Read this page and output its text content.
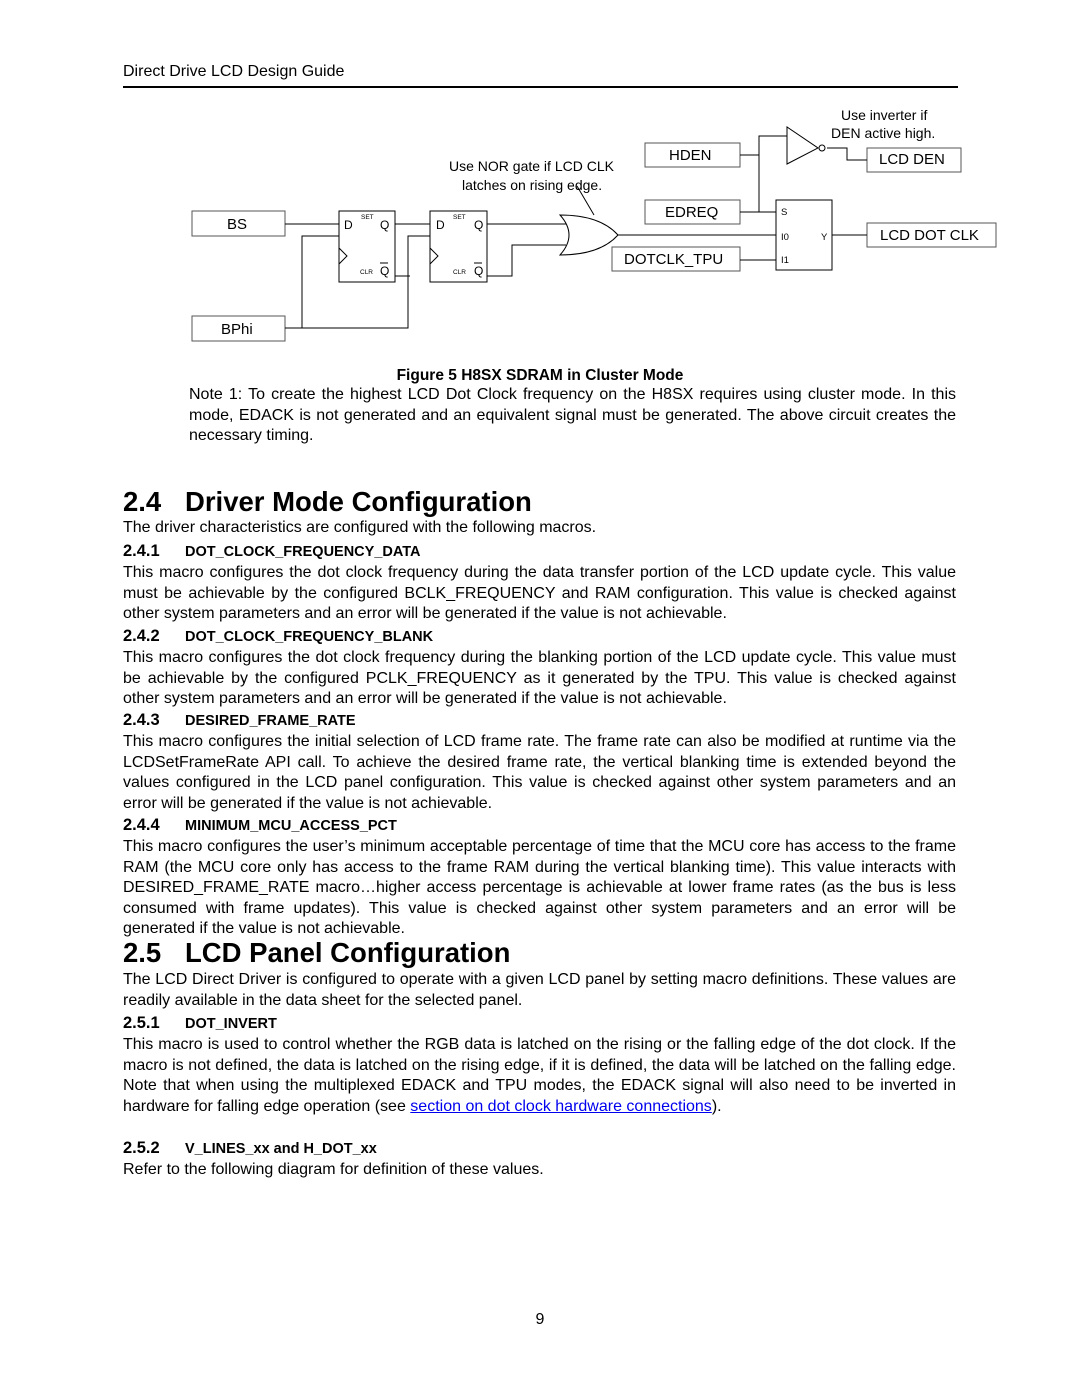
Direct Drive LCD Design Guide
Use NOR gate if LCD CLK
latches on rising edge.
Use inverter if
DEN active high.
BS
BPhi
HDEN
EDREQ
DOTCLK_TPU
LCD DEN
LCD DOT CLK
D Q
Q
D Q
Q
SET
CLR
SET
CLR
S
I0
I1
Y
Figure 5 H8SX SDRAM in Cluster Mode

Note 1: To create the highest LCD Dot Clock frequency on the H8SX requires using cluster mode. In this mode, EDACK is not generated and an equivalent signal must be generated. The above circuit creates the necessary timing.

2.4 Driver Mode Configuration

The driver characteristics are configured with the following macros.

2.4.1 DOT_CLOCK_FREQUENCY_DATA

This macro configures the dot clock frequency during the data transfer portion of the LCD update cycle. This value must be achievable by the configured BCLK_FREQUENCY and RAM configuration. This value is checked against other system parameters and an error will be generated if the value is not achievable.

2.4.2 DOT_CLOCK_FREQUENCY_BLANK

This macro configures the dot clock frequency during the blanking portion of the LCD update cycle. This value must be achievable by the configured PCLK_FREQUENCY as it generated by the TPU. This value is checked against other system parameters and an error will be generated if the value is not achievable.

2.4.3 DESIRED_FRAME_RATE

This macro configures the initial selection of LCD frame rate. The frame rate can also be modified at runtime via the LCDSetFrameRate API call. To achieve the desired frame rate, the vertical blanking time is extended beyond the values configured in the LCD panel configuration. This value is checked against other system parameters and an error will be generated if the value is not achievable.

2.4.4 MINIMUM_MCU_ACCESS_PCT

This macro configures the user’s minimum acceptable percentage of time that the MCU core has access to the frame RAM (the MCU core only has access to the frame RAM during the vertical blanking time). This value interacts with DESIRED_FRAME_RATE macro…higher access percentage is achievable at lower frame rates (as the bus is less consumed with frame updates). This value is checked against other system parameters and an error will be generated if the value is not achievable.

2.5 LCD Panel Configuration

The LCD Direct Driver is configured to operate with a given LCD panel by setting macro definitions. These values are readily available in the data sheet for the selected panel.

2.5.1 DOT_INVERT

This macro is used to control whether the RGB data is latched on the rising or the falling edge of the dot clock. If the macro is not defined, the data is latched on the rising edge, if it is defined, the data will be latched on the falling edge. Note that when using the multiplexed EDACK and TPU modes, the EDACK signal will also need to be inverted in hardware for falling edge operation (see section on dot clock hardware connections).

2.5.2 V_LINES_xx and H_DOT_xx

Refer to the following diagram for definition of these values.

9
